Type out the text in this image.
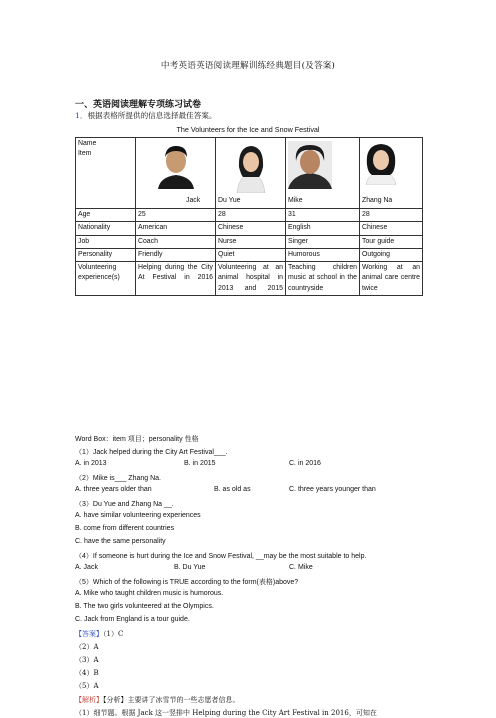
中考英语英语阅读理解训练经典题目(及答案)
一、英语阅读理解专项练习试卷
1．根据表格所提供的信息选择最佳答案。
The Volunteers for the Ice and Snow Festival
Name
Item	Jack	Du Yue	Mike	Zhang Na

Age	25	28	31	28
Nationality	American	Chinese	English	Chinese
Job	Coach	Nurse	Singer	Tour guide
Personality	Friendly	Quiet	Humorous	Outgoing
Volunteering experience(s)	Helping during the City At Festival in 2016	Volunteering at an animal hospital in 2013 and 2015	Teaching children music at school in the countryside	Working at an animal care centre twice
Word Box：item 项目；personality 性格
（1）Jack helped during the City Art Festival___.
A. in 2013	B. in 2015	C. in 2016
（2）Mike is___ Zhang Na.
A. three years older than	B. as old as	C. three years younger than
（3）Du Yue and Zhang Na __.
A. have similar volunteering experiences
B. come from different countries
C. have the same personality
（4）If someone is hurt during the Ice and Snow Festival, __may be the most suitable to help.
A. Jack	B. Du Yue	C. Mike
（5）Which of the following is TRUE according to the form(表格)above?
A. Mike who taught children music is humorous.
B. The two girls volunteered at the Olympics.
C. Jack from England is a tour guide.
【答案】（1）C
（2）A
（3）A
（4）B
（5）A
【解析】【分析】主要讲了冰雪节的一些志愿者信息。
（1）细节题。根据 Jack 这一竖排中 Helping during the City Art Festival in 2016，可知在
